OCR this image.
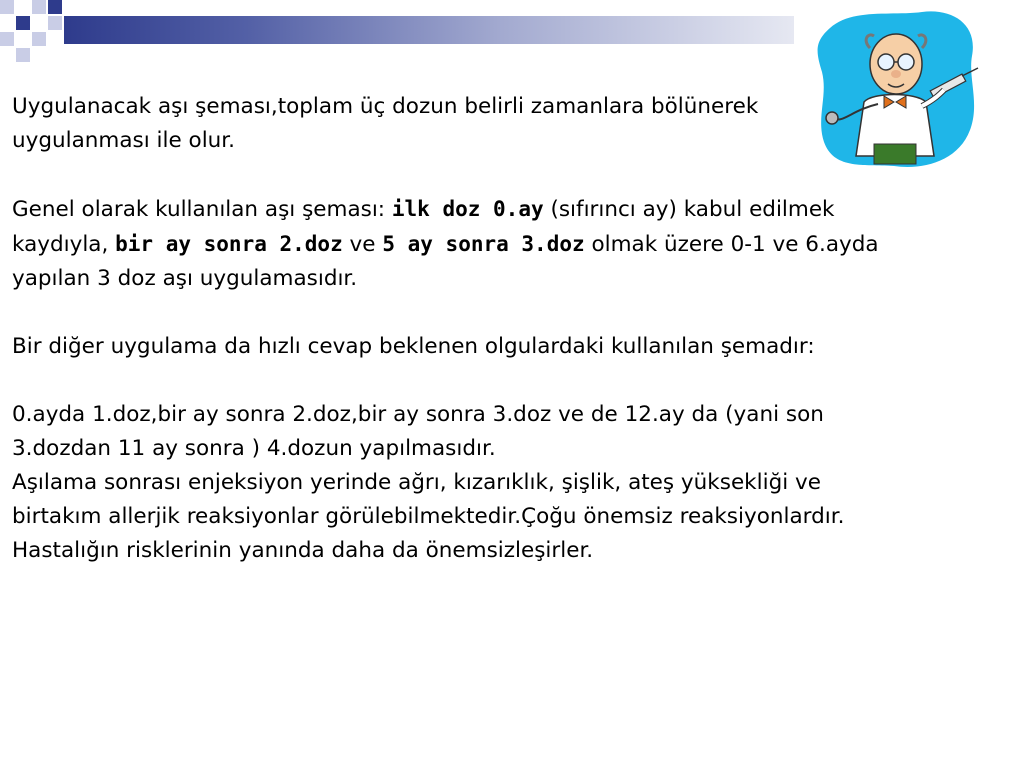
Uygulanacak aşı şeması,toplam üç dozun belirli zamanlara bölünerek uygulanması ile olur.

Genel olarak kullanılan aşı şeması: ilk doz 0.ay (sıfırıncı ay) kabul edilmek kaydıyla, bir ay sonra 2.doz ve 5 ay sonra 3.doz olmak üzere 0-1 ve 6.ayda yapılan 3 doz aşı uygulamasıdır.

Bir diğer uygulama da hızlı cevap beklenen olgulardaki kullanılan şemadır:

0.ayda 1.doz,bir ay sonra 2.doz,bir ay sonra 3.doz ve de 12.ay da (yani son 3.dozdan 11 ay sonra ) 4.dozun yapılmasıdır.

Aşılama sonrası enjeksiyon yerinde ağrı, kızarıklık, şişlik, ateş yüksekliği ve birtakım allerjik reaksiyonlar görülebilmektedir.Çoğu önemsiz reaksiyonlardır. Hastalığın risklerinin yanında daha da önemsizleşirler.
